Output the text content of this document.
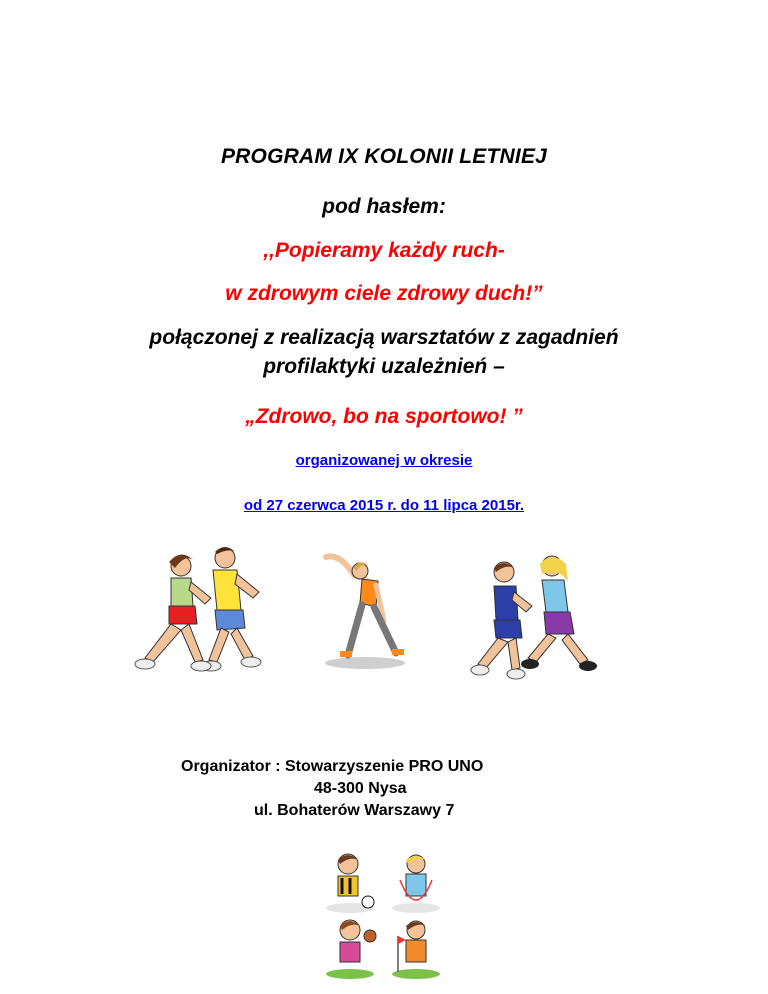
PROGRAM IX KOLONII LETNIEJ
pod hasłem:
,,Popieramy każdy ruch-
w zdrowym ciele zdrowy duch!”
połączonej z realizacją warsztatów z zagadnień
profilaktyki uzależnień –
„Zdrowo, bo na sportowo! ”
organizowanej w okresie
od 27 czerwca 2015 r. do 11 lipca 2015r.
Organizator : Stowarzyszenie PRO UNO
48-300 Nysa
ul. Bohaterów Warszawy 7
